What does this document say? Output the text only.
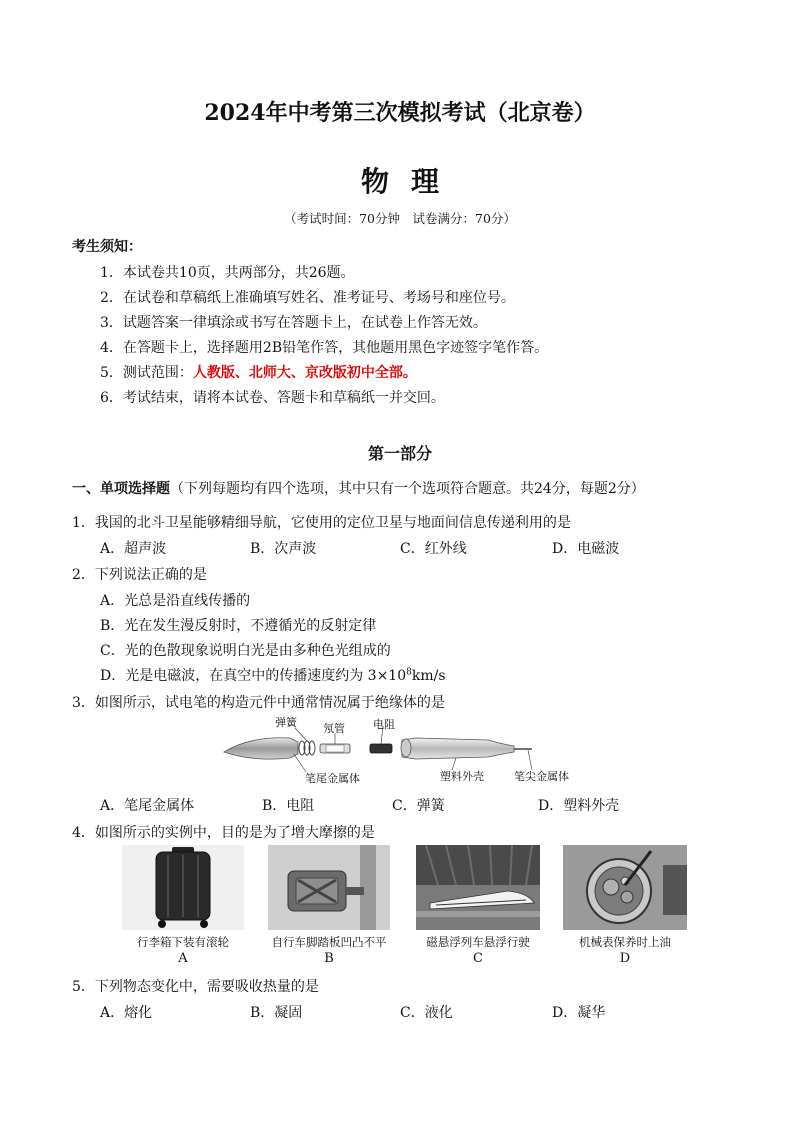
2024年中考第三次模拟考试（北京卷）
物理
（考试时间：70分钟　试卷满分：70分）
考生须知：
1．本试卷共10页，共两部分，共26题。
2．在试卷和草稿纸上准确填写姓名、准考证号、考场号和座位号。
3．试题答案一律填涂或书写在答题卡上，在试卷上作答无效。
4．在答题卡上，选择题用2B铅笔作答，其他题用黑色字迹签字笔作答。
5．测试范围：人教版、北师大、京改版初中全部。
6．考试结束，请将本试卷、答题卡和草稿纸一并交回。
第一部分
一、单项选择题（下列每题均有四个选项，其中只有一个选项符合题意。共24分，每题2分）
1．我国的北斗卫星能够精细导航，它使用的定位卫星与地面间信息传递利用的是
A．超声波	B．次声波	C．红外线	D．电磁波
2．下列说法正确的是
A．光总是沿直线传播的
B．光在发生漫反射时，不遵循光的反射定律
C．光的色散现象说明白光是由多种色光组成的
D．光是电磁波，在真空中的传播速度约为 $3\times 10^8km/s$
3．如图所示，试电笔的构造元件中通常情况属于绝缘体的是
弹簧 氖管	电阻
笔尾金属体	塑料外壳	笔尖金属体
A．笔尾金属体	B．电阻	C．弹簧	D．塑料外壳
4．如图所示的实例中，目的是为了增大摩擦的是
行李箱下装有滚轮	自行车脚踏板凹凸不平	磁悬浮列车悬浮行驶	机械表保养时上油
A	B	C	D
5．下列物态变化中，需要吸收热量的是
A．熔化	B．凝固	C．液化	D．凝华
